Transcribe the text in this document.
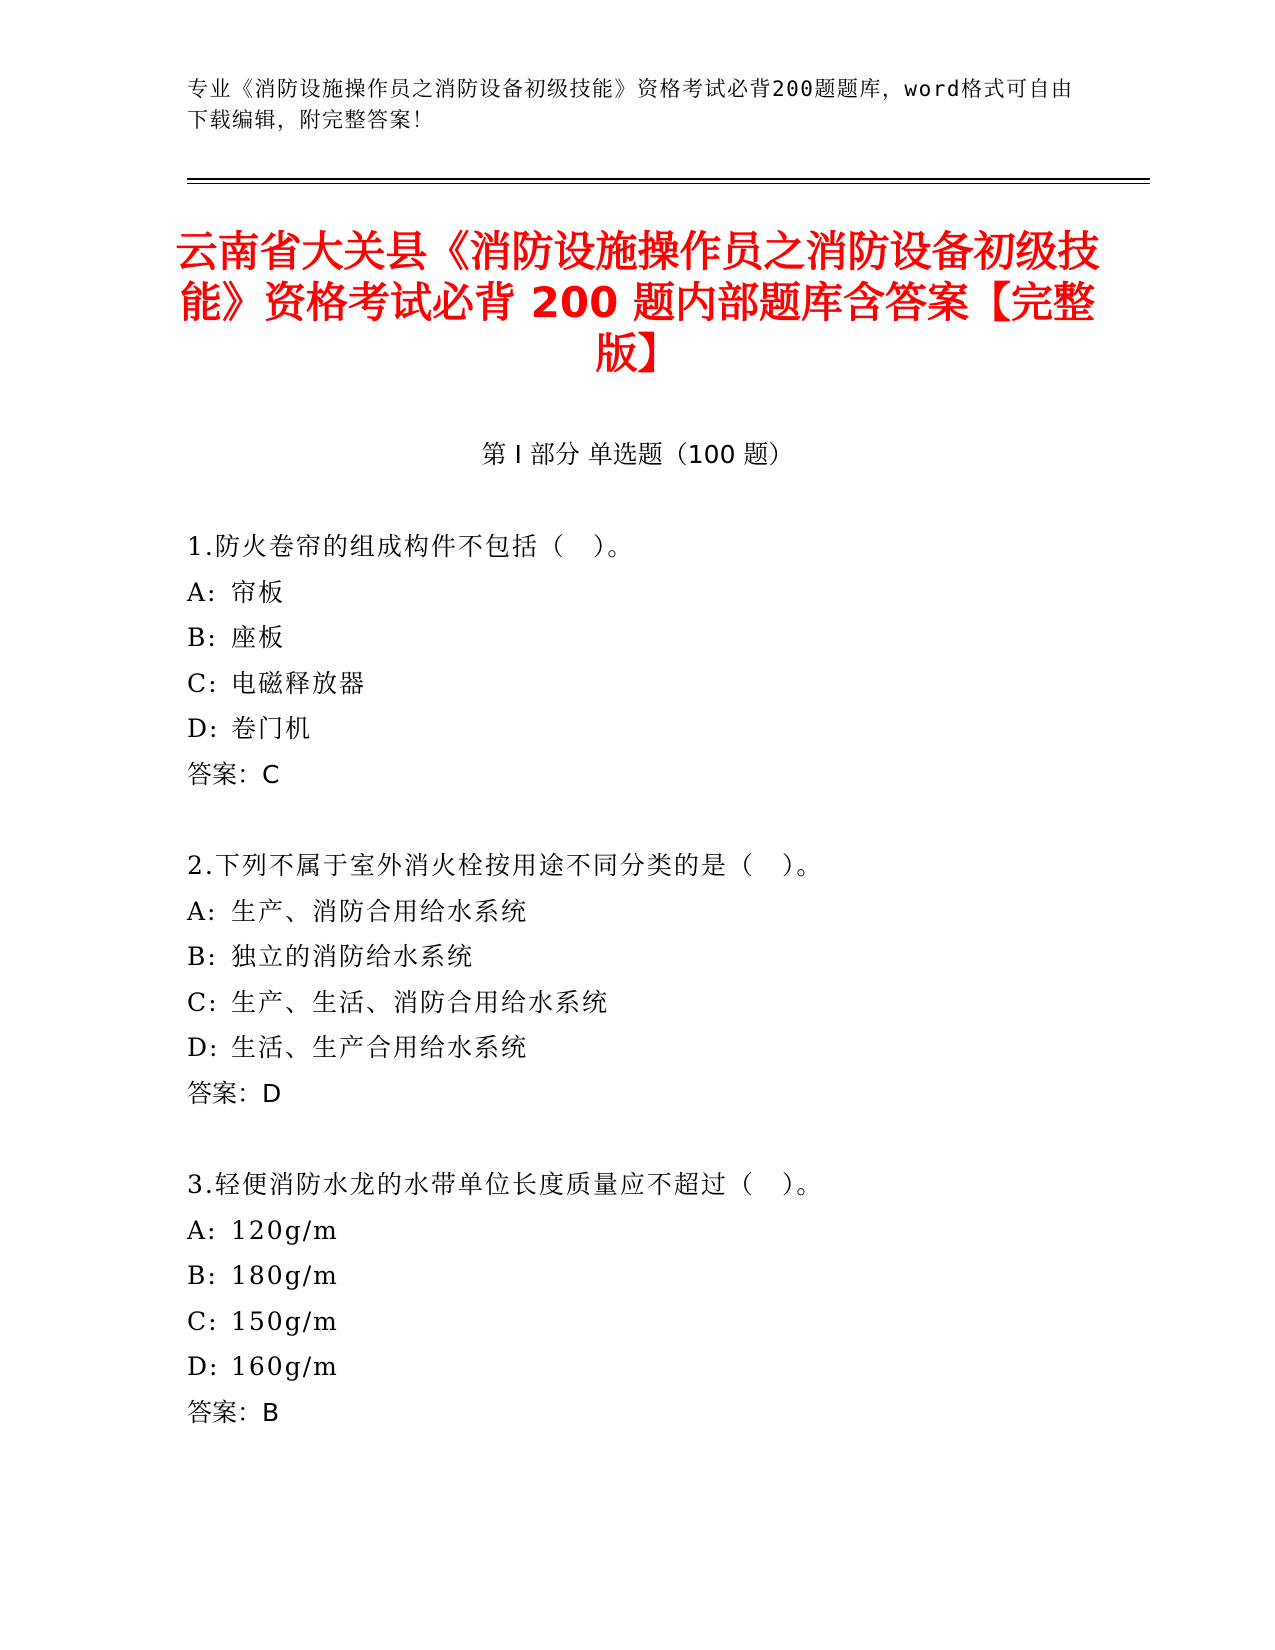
专业《消防设施操作员之消防设备初级技能》资格考试必背200题题库，word格式可自由下载编辑，附完整答案！
云南省大关县《消防设施操作员之消防设备初级技能》资格考试必背 200 题内部题库含答案【完整版】
第 I 部分 单选题（100 题）
1.防火卷帘的组成构件不包括（　）。
A: 帘板
B: 座板
C: 电磁释放器
D: 卷门机
答案：C
2.下列不属于室外消火栓按用途不同分类的是（　）。
A: 生产、消防合用给水系统
B: 独立的消防给水系统
C: 生产、生活、消防合用给水系统
D: 生活、生产合用给水系统
答案：D
3.轻便消防水龙的水带单位长度质量应不超过（　）。
A: 120g/m
B: 180g/m
C: 150g/m
D: 160g/m
答案：B
